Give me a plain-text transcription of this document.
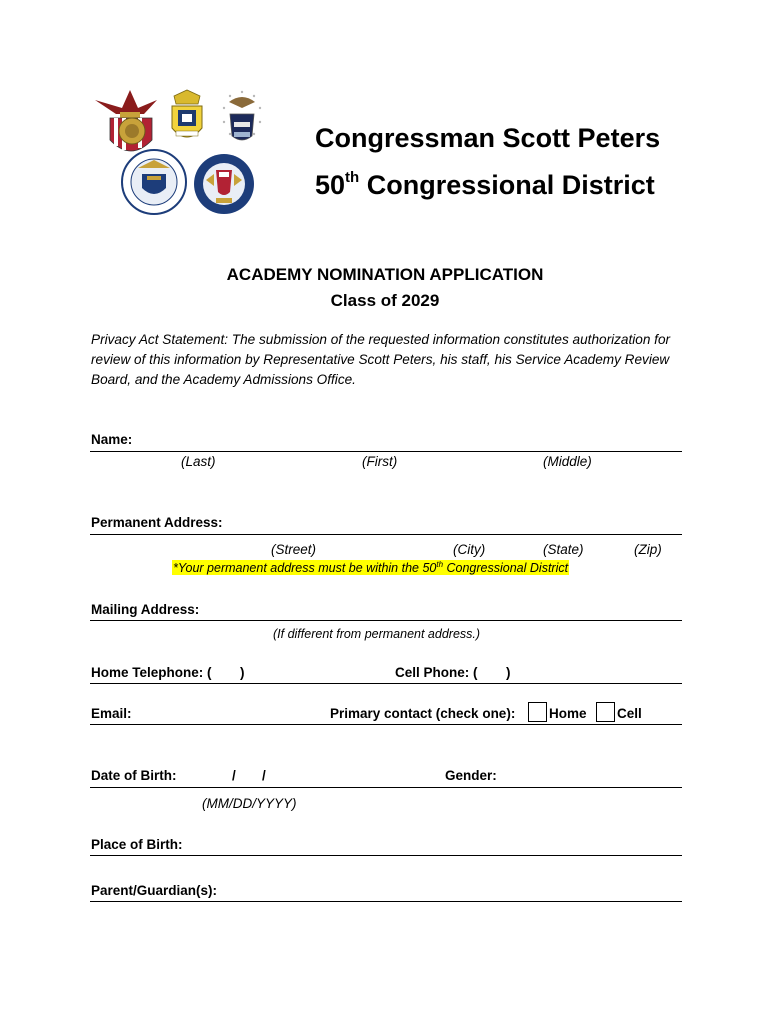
Congressman Scott Peters
50th Congressional District
ACADEMY NOMINATION APPLICATION
Class of 2029
Privacy Act Statement: The submission of the requested information constitutes authorization for review of this information by Representative Scott Peters, his staff, his Service Academy Review Board, and the Academy Admissions Office.
Name:
(Last)	(First)	(Middle)
Permanent Address:
(Street)	(City)	(State)	(Zip)
*Your permanent address must be within the 50th Congressional District
Mailing Address:
(If different from permanent address.)
Home Telephone: ( )	Cell Phone: ( )
Email:	Primary contact (check one): Home Cell
Date of Birth:	/ /	Gender:
(MM/DD/YYYY)
Place of Birth:
Parent/Guardian(s):
